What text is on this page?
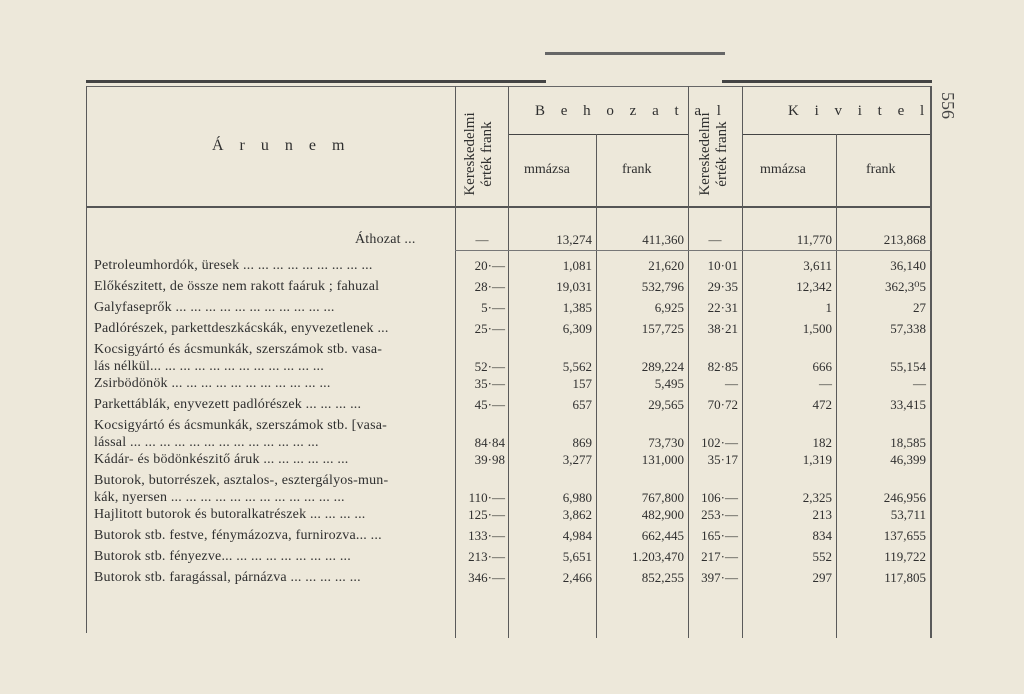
556
Á r u n e m	Kereskedelmi érték frank	Kereskedelmi érték frank
B e h o z a t a l	K i v i t e l
mmázsa	frank	mmázsa	frank
Áthozat ...	—	13,274	411,360	—	11,770	213,868
Petroleumhordók, üresek ... ... ... ... ... ... ... ... ...	20·—	1,081	21,620	10·01	3,611	36,140
Előkészitett, de össze nem rakott faáruk ; fahuzal	28·—	19,031	532,796	29·35	12,342	362,3⁰5
Galyfaseprők ... ... ... ... ... ... ... ... ... ... ...	5·—	1,385	6,925	22·31	1	27
Padlórészek, parkettdeszkácskák, enyvezetlenek ...	25·—	6,309	157,725	38·21	1,500	57,338
Kocsigyártó és ácsmunkák, szerszámok stb. vasa-
lás nélkül... ... ... ... ... ... ... ... ... ... ... ...	52·—	5,562	289,224	82·85	666	55,154
Zsirbödönök ... ... ... ... ... ... ... ... ... ... ...	35·—	157	5,495	—	—	—
Parkettáblák, enyvezett padlórészek ... ... ... ...	45·—	657	29,565	70·72	472	33,415
Kocsigyártó és ácsmunkák, szerszámok stb. [vasa-
lással ... ... ... ... ... ... ... ... ... ... ... ... ...	84·84	869	73,730	102·—	182	18,585
Kádár- és bödönkészitő áruk ... ... ... ... ... ...	39·98	3,277	131,000	35·17	1,319	46,399
Butorok, butorrészek, asztalos-, esztergályos-mun-
kák, nyersen ... ... ... ... ... ... ... ... ... ... ... ...	110·—	6,980	767,800	106·—	2,325	246,956
Hajlitott butorok és butoralkatrészek ... ... ... ...	125·—	3,862	482,900	253·—	213	53,711
Butorok stb. festve, fénymázozva, furnirozva... ...	133·—	4,984	662,445	165·—	834	137,655
Butorok stb. fényezve... ... ... ... ... ... ... ... ...	213·—	5,651	1.203,470	217·—	552	119,722
Butorok stb. faragással, párnázva ... ... ... ... ...	346·—	2,466	852,255	397·—	297	117,805
